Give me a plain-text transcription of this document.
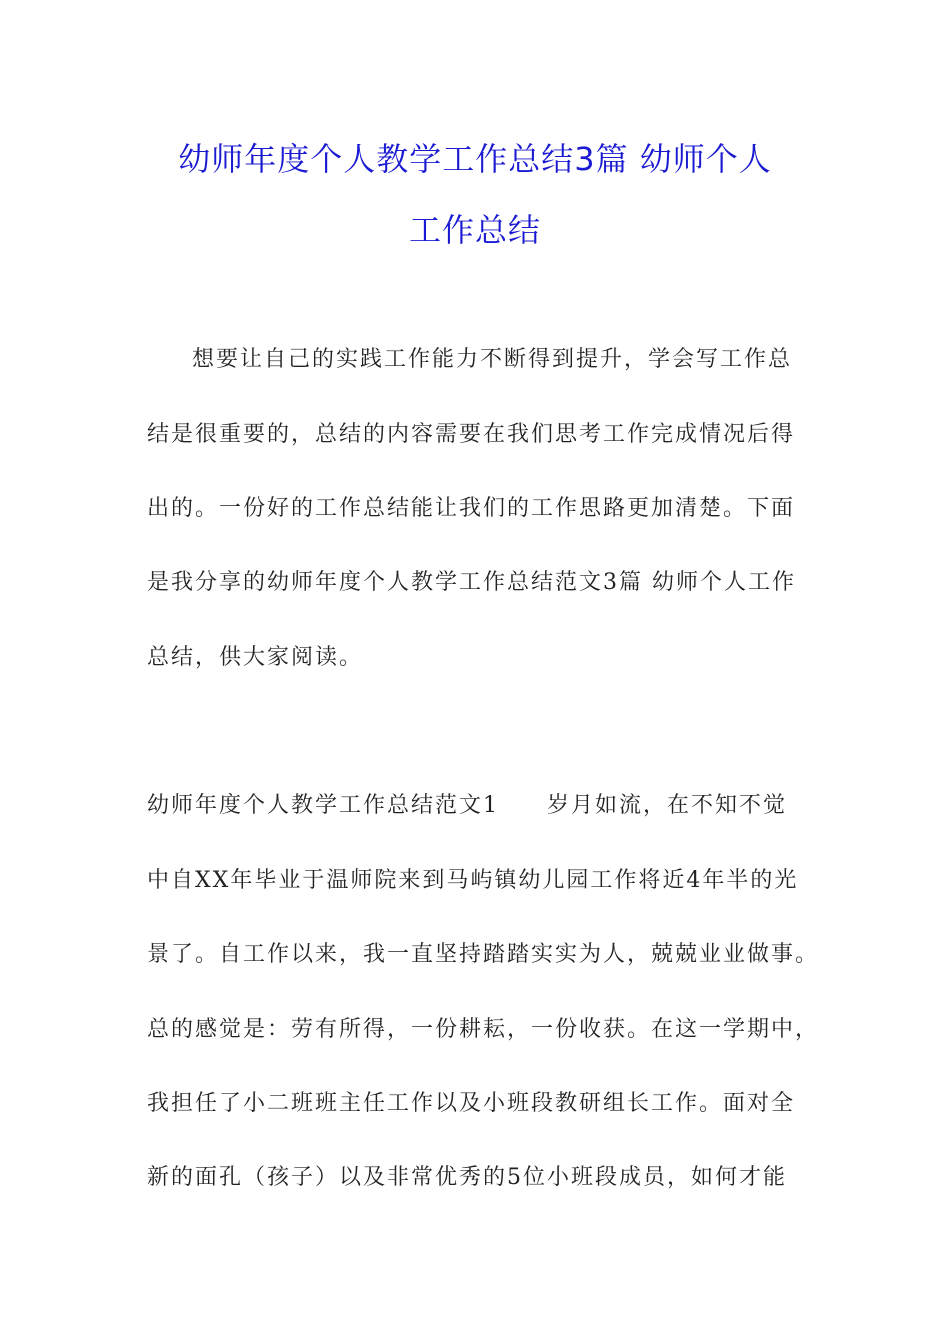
幼师年度个人教学工作总结3篇 幼师个人
工作总结
想要让自己的实践工作能力不断得到提升，学会写工作总
结是很重要的，总结的内容需要在我们思考工作完成情况后得
出的。一份好的工作总结能让我们的工作思路更加清楚。下面
是我分享的幼师年度个人教学工作总结范文3篇 幼师个人工作
总结，供大家阅读。
幼师年度个人教学工作总结范文1　　岁月如流，在不知不觉
中自XX年毕业于温师院来到马屿镇幼儿园工作将近4年半的光
景了。自工作以来，我一直坚持踏踏实实为人，兢兢业业做事。
总的感觉是：劳有所得，一份耕耘，一份收获。在这一学期中，
我担任了小二班班主任工作以及小班段教研组长工作。面对全
新的面孔（孩子）以及非常优秀的5位小班段成员，如何才能
